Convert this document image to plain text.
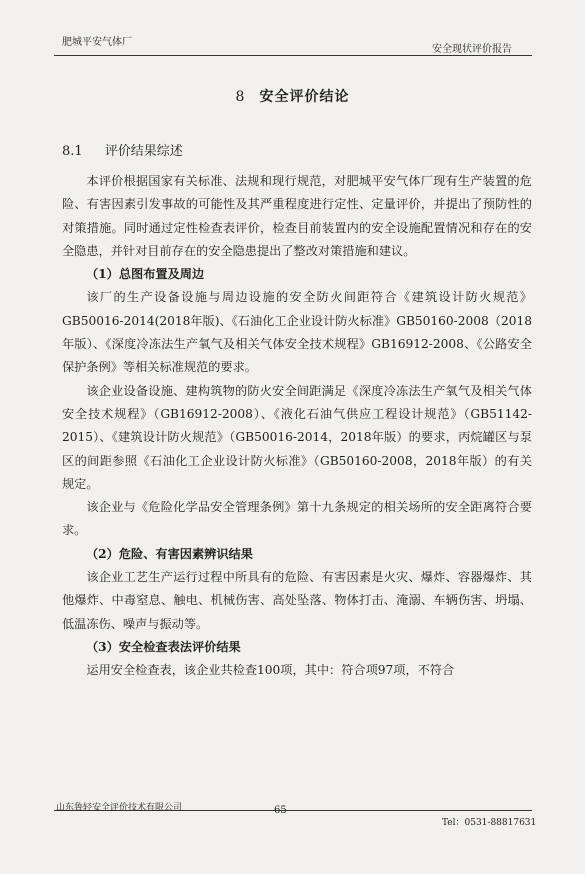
肥城平安气体厂
安全现状评价报告
8 安全评价结论
8.1 评价结果综述

本评价根据国家有关标准、法规和现行规范，对肥城平安气体厂现有生产装置的危险、有害因素引发事故的可能性及其严重程度进行定性、定量评价，并提出了预防性的对策措施。同时通过定性检查表评价，检查目前装置内的安全设施配置情况和存在的安全隐患，并针对目前存在的安全隐患提出了整改对策措施和建议。

（1）总图布置及周边

该厂的生产设备设施与周边设施的安全防火间距符合《建筑设计防火规范》GB50016-2014(2018年版)、《石油化工企业设计防火标准》GB50160-2008（2018年版）、《深度冷冻法生产氧气及相关气体安全技术规程》GB16912-2008、《公路安全保护条例》等相关标准规范的要求。

该企业设备设施、建构筑物的防火安全间距满足《深度冷冻法生产氧气及相关气体安全技术规程》（GB16912-2008）、《液化石油气供应工程设计规范》（GB51142-2015）、《建筑设计防火规范》（GB50016-2014，2018年版）的要求，丙烷罐区与泵区的间距参照《石油化工企业设计防火标准》（GB50160-2008，2018年版）的有关规定。

该企业与《危险化学品安全管理条例》第十九条规定的相关场所的安全距离符合要求。

（2）危险、有害因素辨识结果

该企业工艺生产运行过程中所具有的危险、有害因素是火灾、爆炸、容器爆炸、其他爆炸、中毒窒息、触电、机械伤害、高处坠落、物体打击、淹溺、车辆伤害、坍塌、低温冻伤、噪声与振动等。

（3）安全检查表法评价结果

运用安全检查表，该企业共检查100项，其中：符合项97项，不符合

山东鲁轻安全评价技术有限公司	65
Tel：0531-88817631
